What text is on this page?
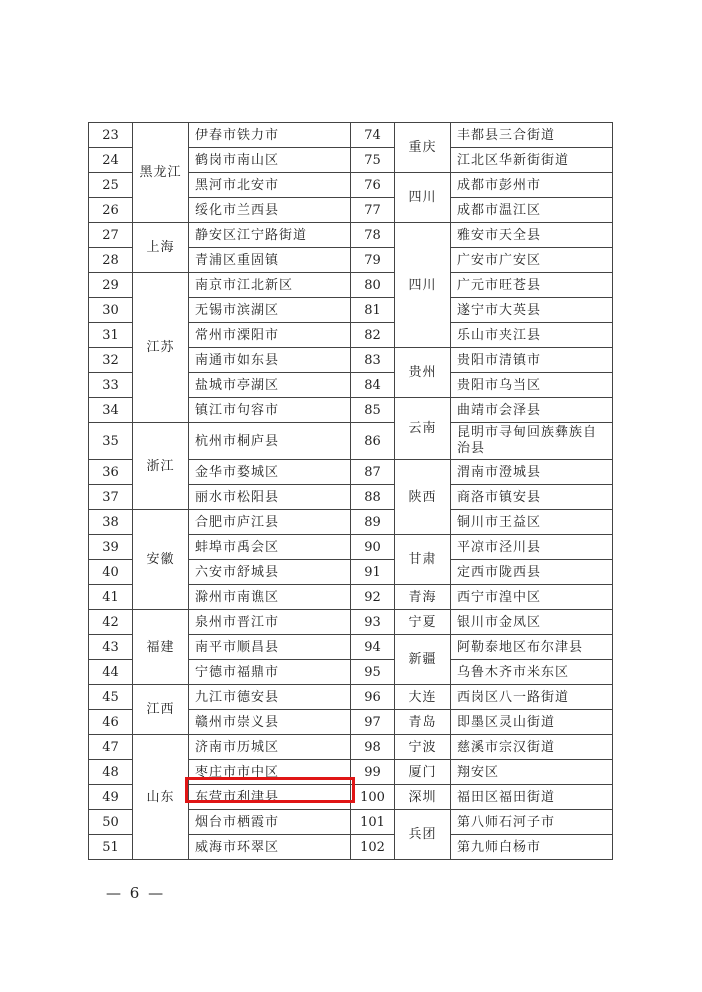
23	黑龙江	伊春市铁力市	74	重庆	丰都县三合街道
24		鹤岗市南山区	75		江北区华新街街道
25		黑河市北安市	76	四川	成都市彭州市
26		绥化市兰西县	77		成都市温江区
27	上海	静安区江宁路街道	78	四川	雅安市天全县
28		青浦区重固镇	79		广安市广安区
29	江苏	南京市江北新区	80		广元市旺苍县
30		无锡市滨湖区	81		遂宁市大英县
31		常州市溧阳市	82		乐山市夹江县
32		南通市如东县	83	贵州	贵阳市清镇市
33		盐城市亭湖区	84		贵阳市乌当区
34		镇江市句容市	85	云南	曲靖市会泽县
35	浙江	杭州市桐庐县	86		昆明市寻甸回族彝族自治县
36		金华市婺城区	87	陕西	渭南市澄城县
37		丽水市松阳县	88		商洛市镇安县
38	安徽	合肥市庐江县	89		铜川市王益区
39		蚌埠市禹会区	90	甘肃	平凉市泾川县
40		六安市舒城县	91		定西市陇西县
41		滁州市南谯区	92	青海	西宁市湟中区
42	福建	泉州市晋江市	93	宁夏	银川市金凤区
43		南平市顺昌县	94	新疆	阿勒泰地区布尔津县
44		宁德市福鼎市	95		乌鲁木齐市米东区
45	江西	九江市德安县	96	大连	西岗区八一路街道
46		赣州市崇义县	97	青岛	即墨区灵山街道
47	山东	济南市历城区	98	宁波	慈溪市宗汉街道
48		枣庄市市中区	99	厦门	翔安区
49		东营市利津县	100	深圳	福田区福田街道
50		烟台市栖霞市	101	兵团	第八师石河子市
51		威海市环翠区	102		第九师白杨市
— 6 —
